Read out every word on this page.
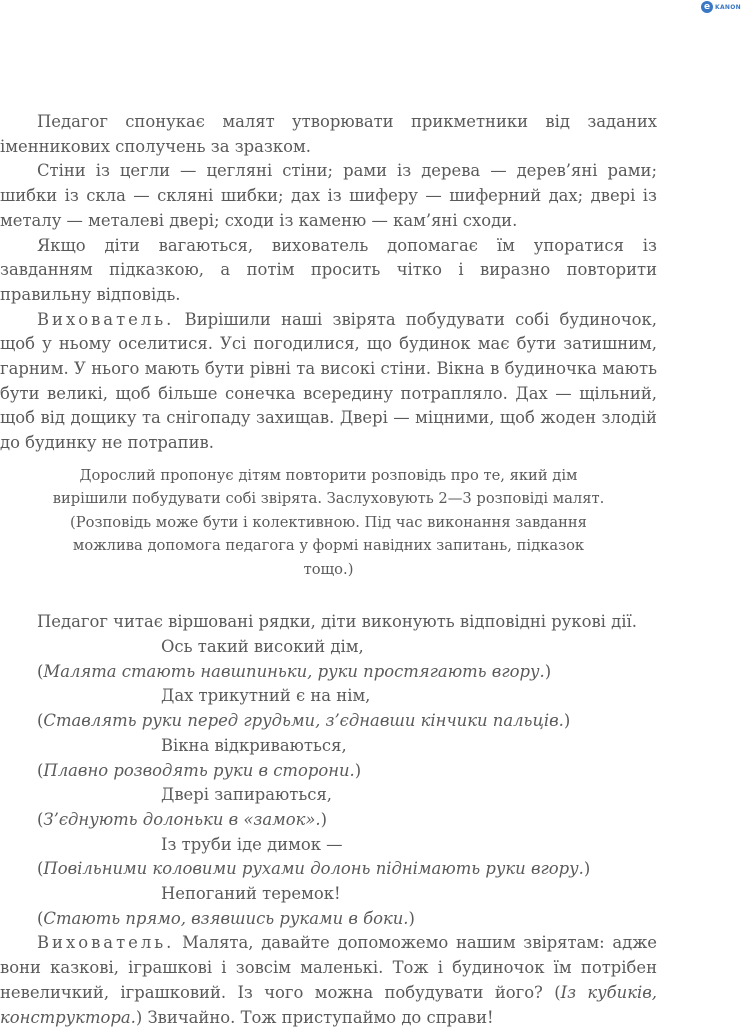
e KANON

Педагог спонукає малят утворювати прикметники від заданих іменникових сполучень за зразком.

Стіни із цегли — цегляні стіни; рами із дерева — дерев’яні рами; шибки із скла — скляні шибки; дах із шиферу — шиферний дах; двері із металу — металеві двері; сходи із каменю — кам’яні сходи.

Якщо діти вагаються, вихователь допомагає їм упоратися із завданням підказкою, а потім просить чітко і виразно повторити правильну відповідь.

Вихователь. Вирішили наші звірята побудувати собі будиночок, щоб у ньому оселитися. Усі погодилися, що будинок має бути затишним, гарним. У нього мають бути рівні та високі стіни. Вікна в будиночка мають бути великі, щоб більше сонечка всередину потрапляло. Дах — щільний, щоб від дощику та снігопаду захищав. Двері — міцними, щоб жоден злодій до будинку не потрапив.

Дорослий пропонує дітям повторити розповідь про те, який дім вирішили побудувати собі звірята. Заслуховують 2—3 розповіді малят. (Розповідь може бути і колективною. Під час виконання завдання можлива допомога педагога у формі навідних запитань, підказок тощо.)

Педагог читає віршовані рядки, діти виконують відповідні рукові дії.

Ось такий високий дім,

(Малята стають навшпиньки, руки простягають вгору.)

Дах трикутний є на нім,

(Ставлять руки перед грудьми, з’єднавши кінчики пальців.)

Вікна відкриваються,

(Плавно розводять руки в сторони.)

Двері запираються,

(З’єднують долоньки в «замок».)

Із труби іде димок —

(Повільними коловими рухами долонь піднімають руки вгору.)

Непоганий теремок!

(Стають прямо, взявшись руками в боки.)

Вихователь. Малята, давайте допоможемо нашим звірятам: адже вони казкові, іграшкові і зовсім маленькі. Тож і будиночок їм потрібен невеличкий, іграшковий. Із чого можна побудувати його? (Із кубиків, конструктора.) Звичайно. Тож приступаймо до справи!
